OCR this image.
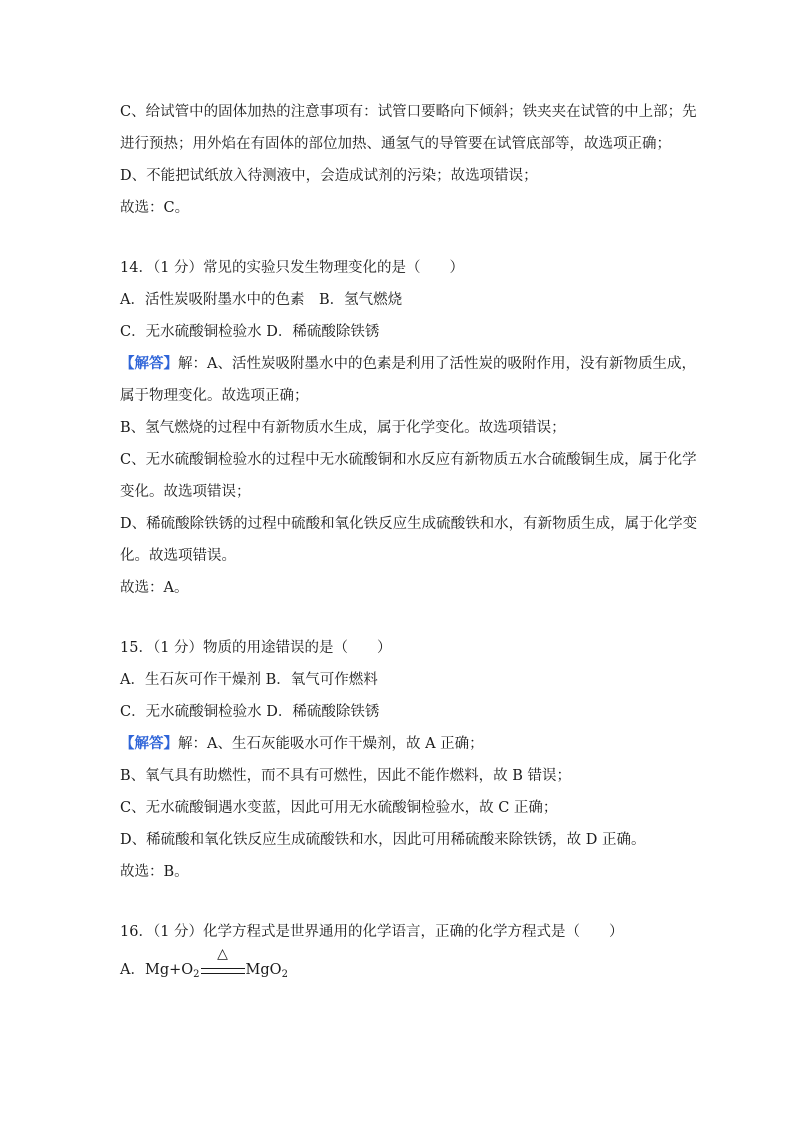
C、给试管中的固体加热的注意事项有：试管口要略向下倾斜；铁夹夹在试管的中上部；先
进行预热；用外焰在有固体的部位加热、通氢气的导管要在试管底部等，故选项正确；
D、不能把试纸放入待测液中，会造成试剂的污染；故选项错误；
故选：C。
14．（1 分）常见的实验只发生物理变化的是（　　）
A．活性炭吸附墨水中的色素　B．氢气燃烧
C．无水硫酸铜检验水 D．稀硫酸除铁锈
【解答】解：A、活性炭吸附墨水中的色素是利用了活性炭的吸附作用，没有新物质生成，
属于物理变化。故选项正确；
B、氢气燃烧的过程中有新物质水生成，属于化学变化。故选项错误；
C、无水硫酸铜检验水的过程中无水硫酸铜和水反应有新物质五水合硫酸铜生成，属于化学
变化。故选项错误；
D、稀硫酸除铁锈的过程中硫酸和氧化铁反应生成硫酸铁和水，有新物质生成，属于化学变
化。故选项错误。
故选：A。
15．（1 分）物质的用途错误的是（　　）
A．生石灰可作干燥剂 B．氧气可作燃料
C．无水硫酸铜检验水 D．稀硫酸除铁锈
【解答】解：A、生石灰能吸水可作干燥剂，故 A 正确；
B、氧气具有助燃性，而不具有可燃性，因此不能作燃料，故 B 错误；
C、无水硫酸铜遇水变蓝，因此可用无水硫酸铜检验水，故 C 正确；
D、稀硫酸和氧化铁反应生成硫酸铁和水，因此可用稀硫酸来除铁锈，故 D 正确。
故选：B。
16．（1 分）化学方程式是世界通用的化学语言，正确的化学方程式是（　　）
A．$Mg+O_2$
△
MgO$_2$
